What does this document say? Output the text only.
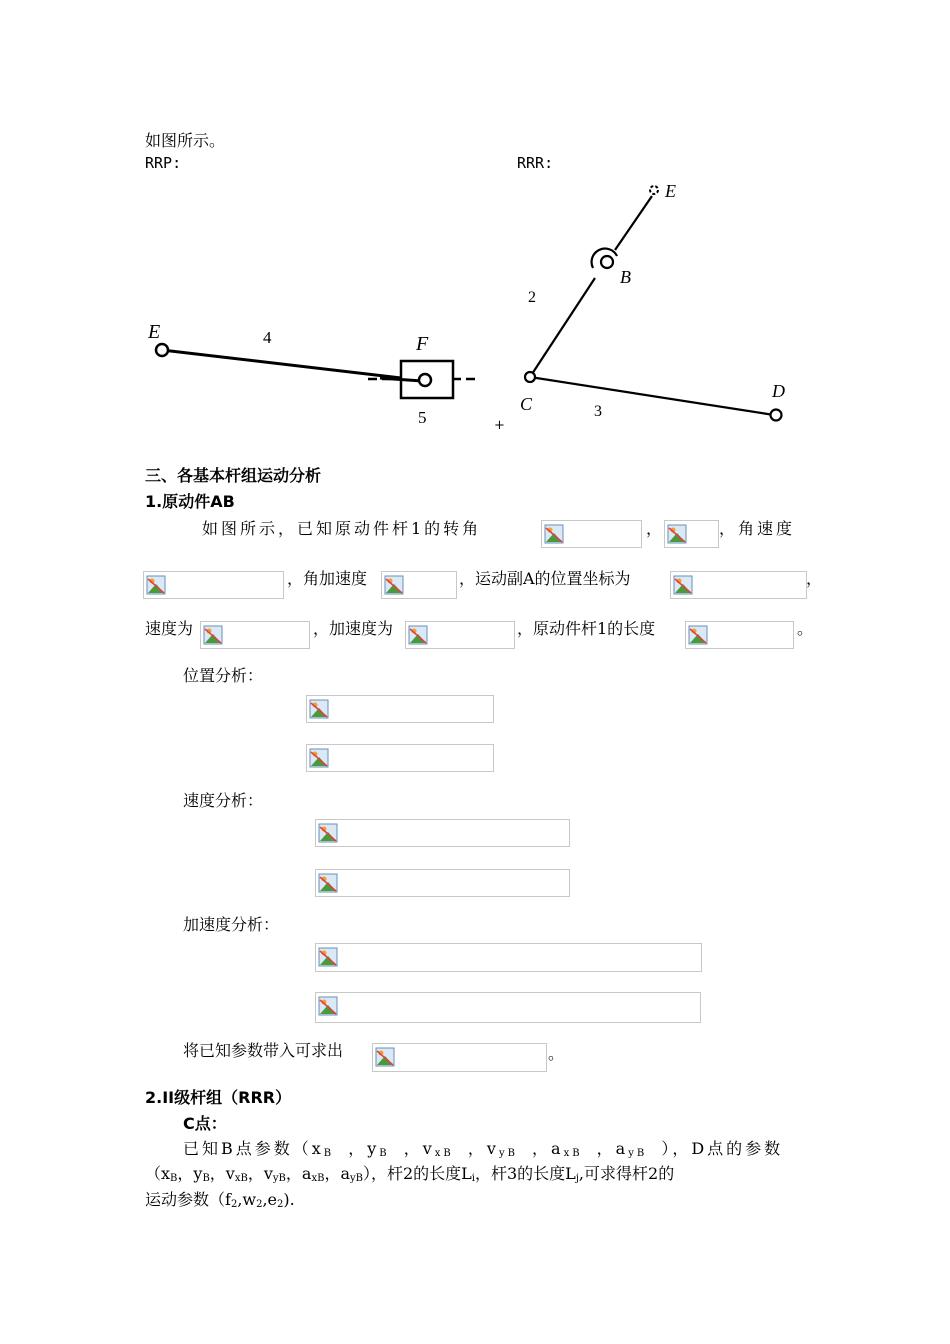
如图所示。
RRP:	RRR:
E	4	F
5	+
E
B
2
C	3
D
三、各基本杆组运动分析
1.原动件AB
如图所示，已知原动件杆1的转角	，	，角速度
，角加速度	，运动副A的位置坐标为	，
速度为	，加速度为	，原动件杆1的长度	。
位置分析：
速度分析：
加速度分析：
将已知参数带入可求出	。
2.II级杆组（RRR）
C点：
已知B点参数（$x_B$ ，$y_B$ ，$v_{xB}$ ，$v_{yB}$ ，$a_{xB}$ ，$a_{yB}$ ），D点的参数
（$x_B$，$y_B$，$v_{xB}$，$v_{yB}$，$a_{xB}$，$a_{yB}$），杆2的长度$L_i$，杆3的长度$L_j$,可求得杆2的
运动参数$(f_2,w_2,e_2)$.
